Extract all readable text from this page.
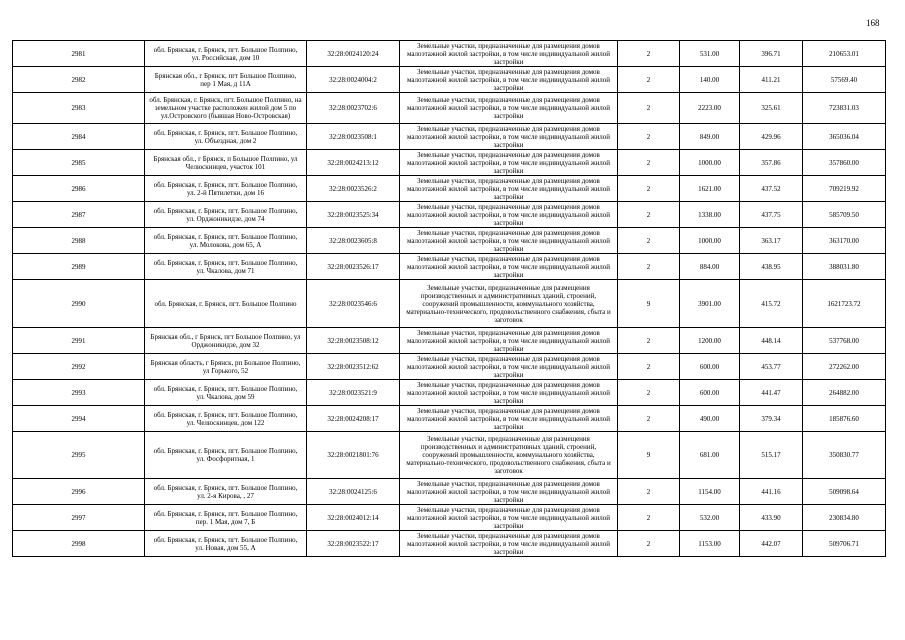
168
2981	обл. Брянская, г. Брянск, пгт. Большое Полпино, ул. Российская, дом 10	32:28:0024120:24	Земельные участки, предназначенные для размещения домов малоэтажной жилой застройки, в том числе индивидуальной жилой застройки	2	531.00	396.71	210653.01
2982	Брянская обл., г Брянск, пгт Большое Полпино, пер 1 Мая, д 11А	32:28:0024004:2	Земельные участки, предназначенные для размещения домов малоэтажной жилой застройки, в том числе индивидуальной жилой застройки	2	140.00	411.21	57569.40
2983	обл. Брянская, г. Брянск, пгт. Большое Полпино, на земельном участке расположен жилой дом 5 по ул.Островского (бывшая Ново-Островская)	32:28:0023702:6	Земельные участки, предназначенные для размещения домов малоэтажной жилой застройки, в том числе индивидуальной жилой застройки	2	2223.00	325.61	723831.03
2984	обл. Брянская, г. Брянск, пгт. Большое Полпино, ул. Объездная, дом 2	32:28:0023508:1	Земельные участки, предназначенные для размещения домов малоэтажной жилой застройки, в том числе индивидуальной жилой застройки	2	849.00	429.96	365036.04
2985	Брянская обл., г Брянск, п Большое Полпино, ул Челюскинцев, участок 101	32:28:0024213:12	Земельные участки, предназначенные для размещения домов малоэтажной жилой застройки, в том числе индивидуальной жилой застройки	2	1000.00	357.86	357860.00
2986	обл. Брянская, г. Брянск, пгт. Большое Полпино, ул. 2-й Пятилетки, дом 16	32:28:0023526:2	Земельные участки, предназначенные для размещения домов малоэтажной жилой застройки, в том числе индивидуальной жилой застройки	2	1621.00	437.52	709219.92
2987	обл. Брянская, г. Брянск, пгт. Большое Полпино, ул. Орджоникидзе, дом 74	32:28:0023525:34	Земельные участки, предназначенные для размещения домов малоэтажной жилой застройки, в том числе индивидуальной жилой застройки	2	1338.00	437.75	585709.50
2988	обл. Брянская, г. Брянск, пгт. Большое Полпино, ул. Молокова, дом 65, А	32:28:0023605:8	Земельные участки, предназначенные для размещения домов малоэтажной жилой застройки, в том числе индивидуальной жилой застройки	2	1000.00	363.17	363170.00
2989	обл. Брянская, г. Брянск, пгт. Большое Полпино, ул. Чкалова, дом 71	32:28:0023526:17	Земельные участки, предназначенные для размещения домов малоэтажной жилой застройки, в том числе индивидуальной жилой застройки	2	884.00	438.95	388031.80
2990	обл. Брянская, г. Брянск, пгт. Большое Полпино	32:28:0023546:6	Земельные участки, предназначенные для размещения производственных и административных зданий, строений, сооружений промышленности, коммунального хозяйства, материально-технического, продовольственного снабжения, сбыта и заготовок	9	3901.00	415.72	1621723.72
2991	Брянская обл., г Брянск, пгт Большое Полпино, ул Орджоникидзе, дом 32	32:28:0023508:12	Земельные участки, предназначенные для размещения домов малоэтажной жилой застройки, в том числе индивидуальной жилой застройки	2	1200.00	448.14	537768.00
2992	Брянская область, г Брянск, рп Большое Полпино, ул Горького, 52	32:28:0023512:62	Земельные участки, предназначенные для размещения домов малоэтажной жилой застройки, в том числе индивидуальной жилой застройки	2	600.00	453.77	272262.00
2993	обл. Брянская, г. Брянск, пгт. Большое Полпино, ул. Чкалова, дом 59	32:28:0023521:9	Земельные участки, предназначенные для размещения домов малоэтажной жилой застройки, в том числе индивидуальной жилой застройки	2	600.00	441.47	264882.00
2994	обл. Брянская, г. Брянск, пгт. Большое Полпино, ул. Челюскинцев, дом 122	32:28:0024208:17	Земельные участки, предназначенные для размещения домов малоэтажной жилой застройки, в том числе индивидуальной жилой застройки	2	490.00	379.34	185876.60
2995	обл. Брянская, г. Брянск, пгт. Большое Полпино, ул. Фосфоритная, 1	32:28:0021801:76	Земельные участки, предназначенные для размещения производственных и административных зданий, строений, сооружений промышленности, коммунального хозяйства, материально-технического, продовольственного снабжения, сбыта и заготовок	9	681.00	515.17	350830.77
2996	обл. Брянская, г. Брянск, пгт. Большое Полпино, ул. 2-я Кирова, , 27	32:28:0024125:6	Земельные участки, предназначенные для размещения домов малоэтажной жилой застройки, в том числе индивидуальной жилой застройки	2	1154.00	441.16	509098.64
2997	обл. Брянская, г. Брянск, пгт. Большое Полпино, пер. 1 Мая, дом 7, Б	32:28:0024012:14	Земельные участки, предназначенные для размещения домов малоэтажной жилой застройки, в том числе индивидуальной жилой застройки	2	532.00	433.90	230834.80
2998	обл. Брянская, г. Брянск, пгт. Большое Полпино, ул. Новая, дом 55, А	32:28:0023522:17	Земельные участки, предназначенные для размещения домов малоэтажной жилой застройки, в том числе индивидуальной жилой застройки	2	1153.00	442.07	509706.71
